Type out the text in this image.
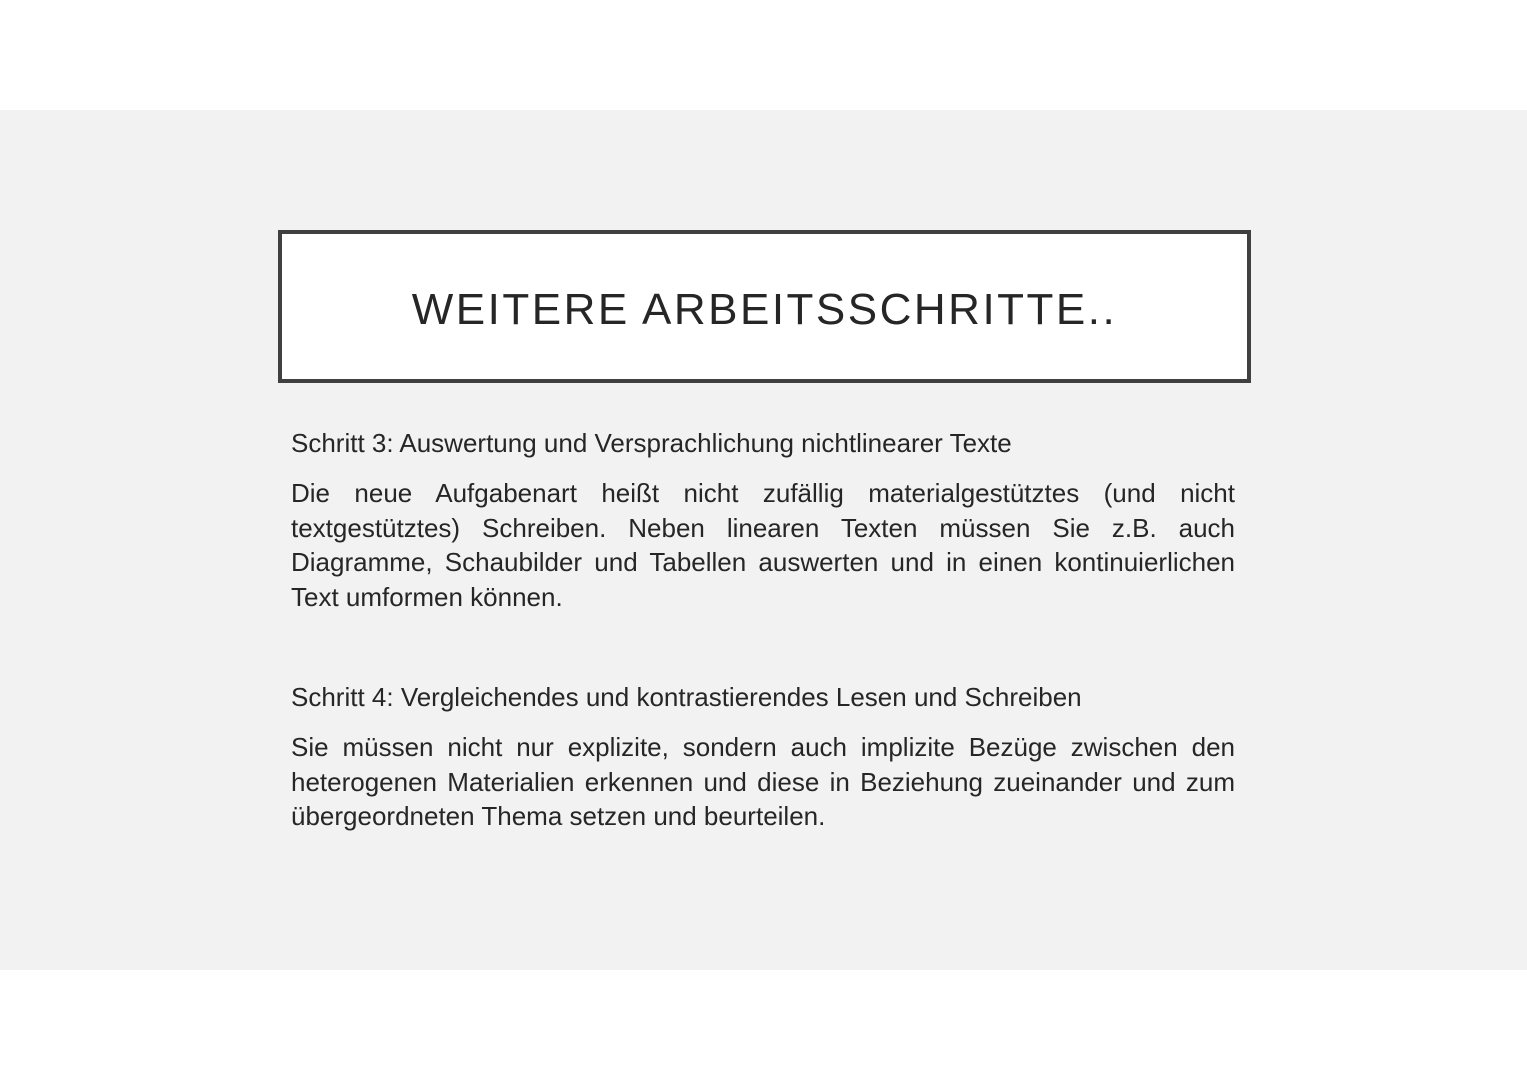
WEITERE ARBEITSSCHRITTE..

Schritt 3: Auswertung und Versprachlichung nichtlinearer Texte

Die neue Aufgabenart heißt nicht zufällig materialgestütztes (und nicht textgestütztes) Schreiben. Neben linearen Texten müssen Sie z.B. auch Diagramme, Schaubilder und Tabellen auswerten und in einen kontinuierlichen Text umformen können.

Schritt 4: Vergleichendes und kontrastierendes Lesen und Schreiben

Sie müssen nicht nur explizite, sondern auch implizite Bezüge zwischen den heterogenen Materialien erkennen und diese in Beziehung zueinander und zum übergeordneten Thema setzen und beurteilen.
